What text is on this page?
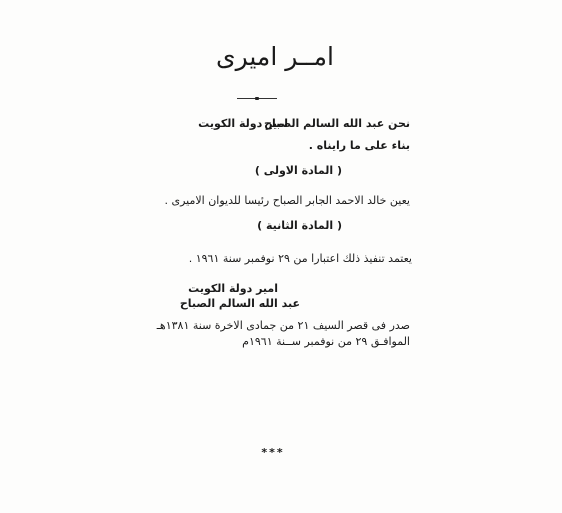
امــر اميرى
نحن عبد الله السالم الصباح
امير دولة الكويت
بناء على ما رايناه .
( المادة الاولى )
يعين خالد الاحمد الجابر الصباح رئيسا للديوان الاميرى .
( المادة الثانية )
يعتمد تنفيذ ذلك اعتبارا من ٢٩ نوفمبر سنة ١٩٦١ .
امير دولة الكويت
عبد الله السالم الصباح
صدر فى قصر السيف ٢١ من جمادى الاخرة سنة ١٣٨١هـ
الموافـق ٢٩ من نوفمبر ســنة ١٩٦١م
***
